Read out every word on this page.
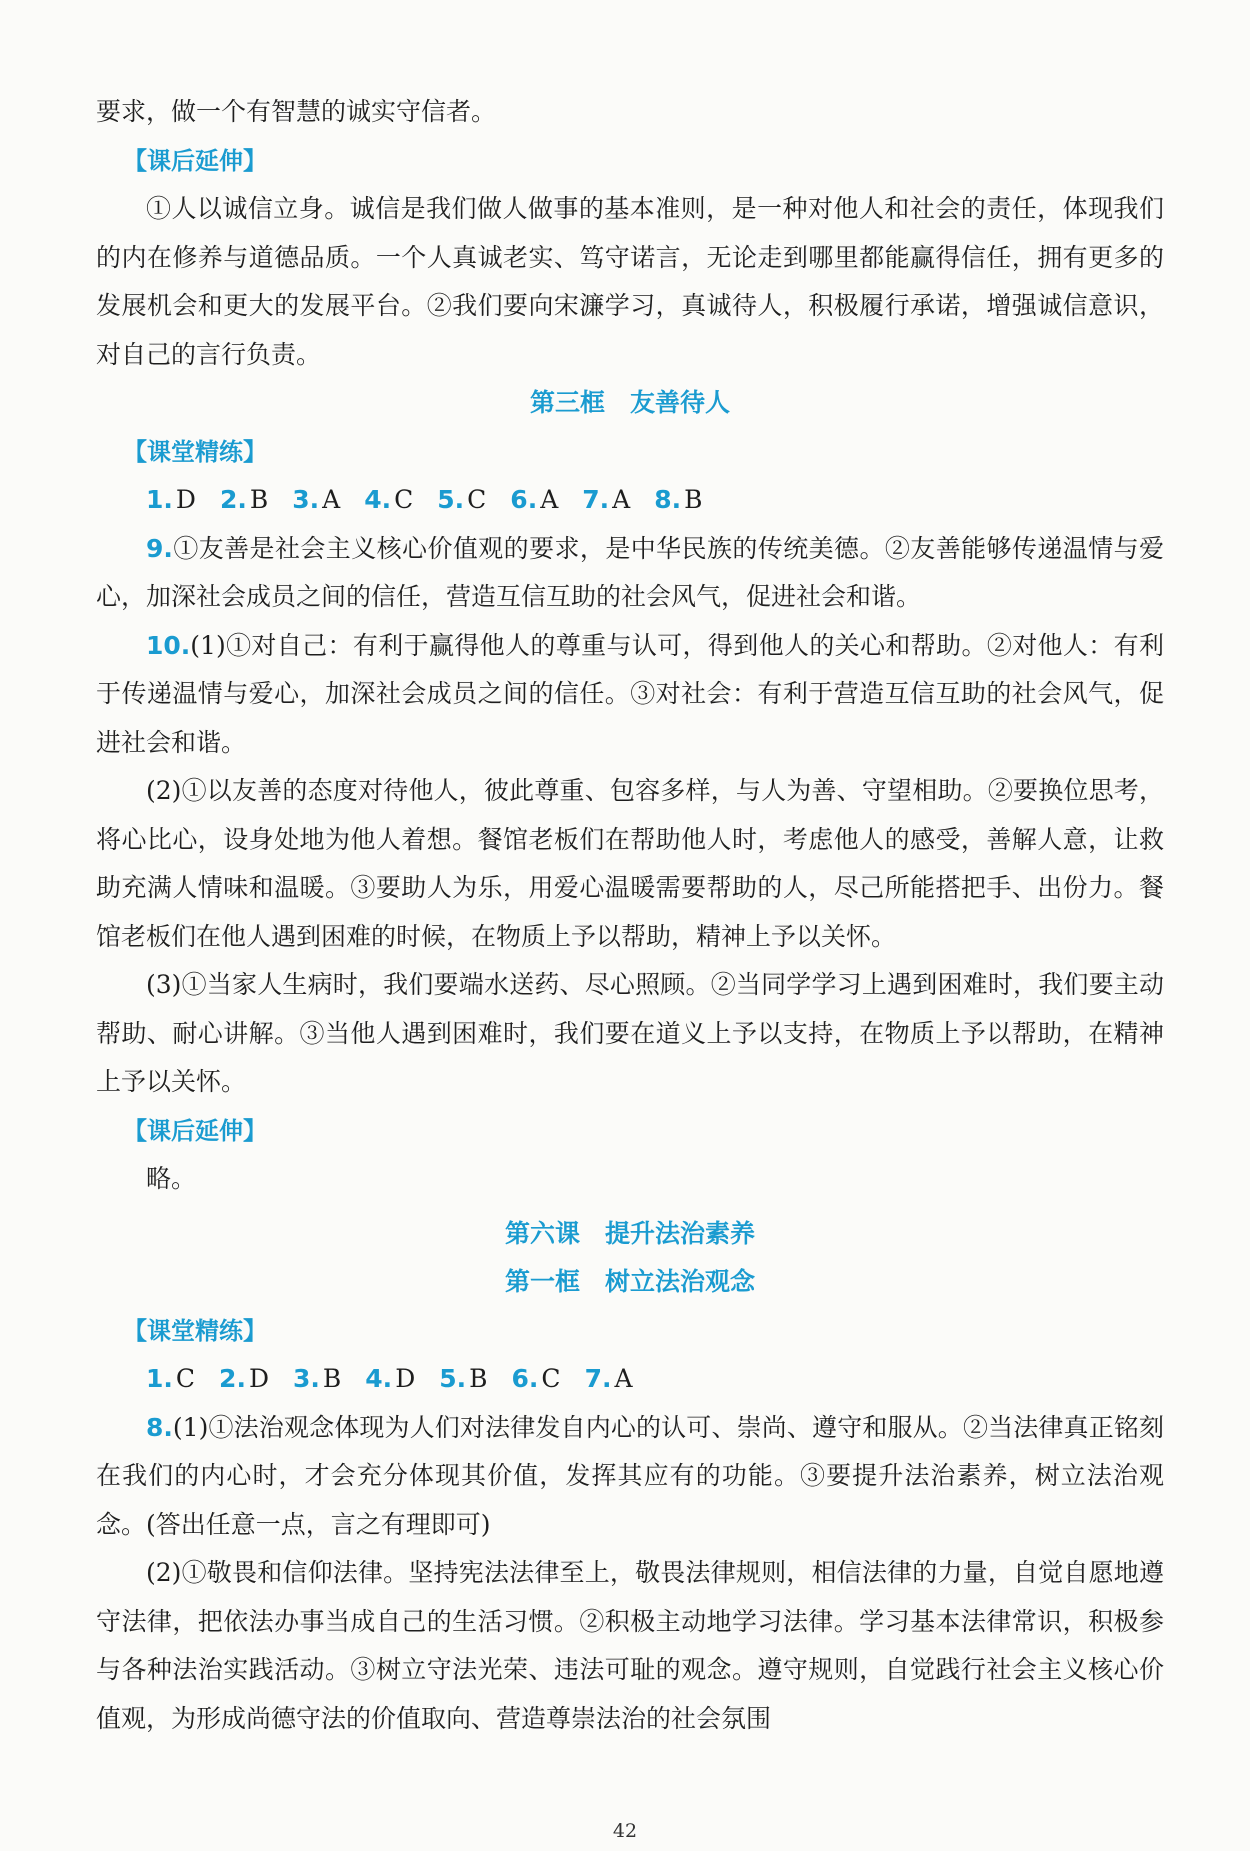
要求，做一个有智慧的诚实守信者。

【课后延伸】

①人以诚信立身。诚信是我们做人做事的基本准则，是一种对他人和社会的责任，体现我们的内在修养与道德品质。一个人真诚老实、笃守诺言，无论走到哪里都能赢得信任，拥有更多的发展机会和更大的发展平台。②我们要向宋濂学习，真诚待人，积极履行承诺，增强诚信意识，对自己的言行负责。

第三框　友善待人
【课堂精练】

1. D 2. B 3. A 4. C 5. C 6. A 7. A 8. B

9.①友善是社会主义核心价值观的要求，是中华民族的传统美德。②友善能够传递温情与爱心，加深社会成员之间的信任，营造互信互助的社会风气，促进社会和谐。

10.(1)①对自己：有利于赢得他人的尊重与认可，得到他人的关心和帮助。②对他人：有利于传递温情与爱心，加深社会成员之间的信任。③对社会：有利于营造互信互助的社会风气，促进社会和谐。

(2)①以友善的态度对待他人，彼此尊重、包容多样，与人为善、守望相助。②要换位思考，将心比心，设身处地为他人着想。餐馆老板们在帮助他人时，考虑他人的感受，善解人意，让救助充满人情味和温暖。③要助人为乐，用爱心温暖需要帮助的人，尽己所能搭把手、出份力。餐馆老板们在他人遇到困难的时候，在物质上予以帮助，精神上予以关怀。

(3)①当家人生病时，我们要端水送药、尽心照顾。②当同学学习上遇到困难时，我们要主动帮助、耐心讲解。③当他人遇到困难时，我们要在道义上予以支持，在物质上予以帮助，在精神上予以关怀。

【课后延伸】

略。

第六课　提升法治素养
第一框　树立法治观念
【课堂精练】

1. C 2. D 3. B 4. D 5. B 6. C 7. A

8.(1)①法治观念体现为人们对法律发自内心的认可、崇尚、遵守和服从。②当法律真正铭刻在我们的内心时，才会充分体现其价值，发挥其应有的功能。③要提升法治素养，树立法治观念。(答出任意一点，言之有理即可)

(2)①敬畏和信仰法律。坚持宪法法律至上，敬畏法律规则，相信法律的力量，自觉自愿地遵守法律，把依法办事当成自己的生活习惯。②积极主动地学习法律。学习基本法律常识，积极参与各种法治实践活动。③树立守法光荣、违法可耻的观念。遵守规则，自觉践行社会主义核心价值观，为形成尚德守法的价值取向、营造尊崇法治的社会氛围

42
